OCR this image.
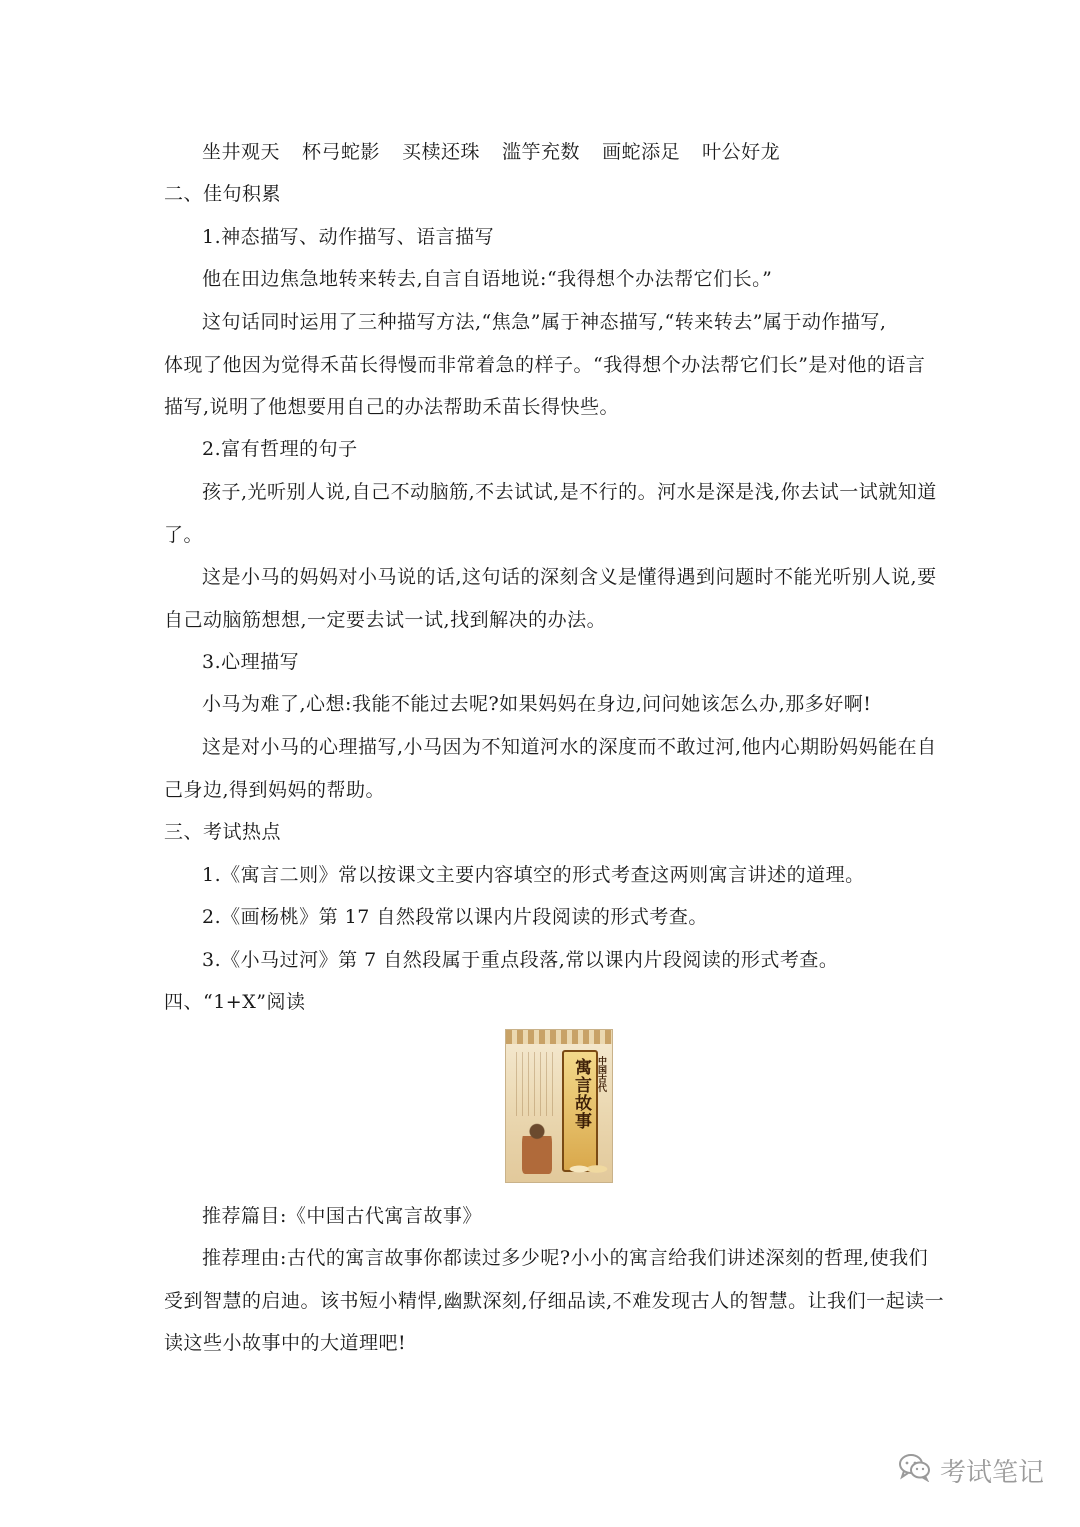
坐井观天 杯弓蛇影 买椟还珠 滥竽充数 画蛇添足 叶公好龙
二、佳句积累
1.神态描写、动作描写、语言描写
他在田边焦急地转来转去,自言自语地说:“我得想个办法帮它们长。”
这句话同时运用了三种描写方法,“焦急”属于神态描写,“转来转去”属于动作描写,
体现了他因为觉得禾苗长得慢而非常着急的样子。“我得想个办法帮它们长”是对他的语言
描写,说明了他想要用自己的办法帮助禾苗长得快些。
2.富有哲理的句子
孩子,光听别人说,自己不动脑筋,不去试试,是不行的。河水是深是浅,你去试一试就知道
了。
这是小马的妈妈对小马说的话,这句话的深刻含义是懂得遇到问题时不能光听别人说,要
自己动脑筋想想,一定要去试一试,找到解决的办法。
3.心理描写
小马为难了,心想:我能不能过去呢?如果妈妈在身边,问问她该怎么办,那多好啊!
这是对小马的心理描写,小马因为不知道河水的深度而不敢过河,他内心期盼妈妈能在自
己身边,得到妈妈的帮助。
三、考试热点
1.《寓言二则》常以按课文主要内容填空的形式考查这两则寓言讲述的道理。
2.《画杨桃》第 17 自然段常以课内片段阅读的形式考查。
3.《小马过河》第 7 自然段属于重点段落,常以课内片段阅读的形式考查。
四、“1+X”阅读
寓言故事 中国古代
推荐篇目:《中国古代寓言故事》
推荐理由:古代的寓言故事你都读过多少呢?小小的寓言给我们讲述深刻的哲理,使我们
受到智慧的启迪。该书短小精悍,幽默深刻,仔细品读,不难发现古人的智慧。让我们一起读一
读这些小故事中的大道理吧!
考试笔记
